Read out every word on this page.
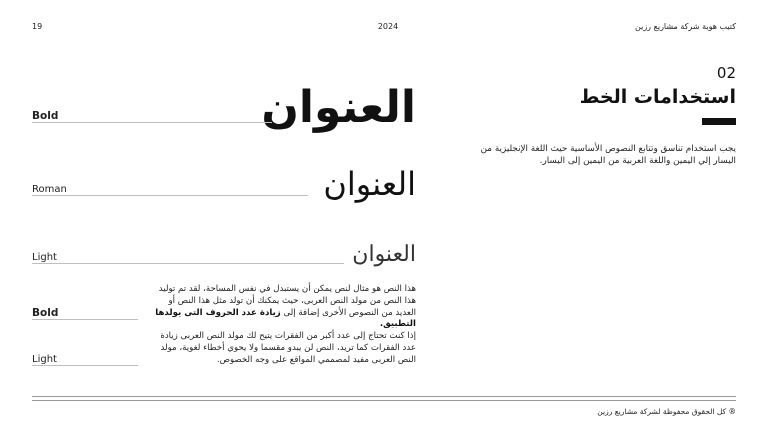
19	2024	كتيب هوية شركة مشاريع رزين
02
استخدامات الخط
يجب استخدام تناسق وتتابع النصوص الأساسية حيث اللغة الإنجليزية من اليسار إلي اليمين واللغة العربية من اليمين إلى اليسار.
العنوان
Bold
العنوان
Roman
العنوان
Light
Bold
Light
هذا النص هو مثال لنص يمكن أن يستبدل في نفس المساحة، لقد تم توليد هذا النص من مولد النص العربى، حيث يمكنك أن تولد مثل هذا النص أو العديد من النصوص الأخرى إضافة إلى زيادة عدد الحروف التى يولدها التطبيق.
إذا كنت تحتاج إلى عدد أكبر من الفقرات يتيح لك مولد النص العربى زيادة عدد الفقرات كما تريد، النص لن يبدو مقسما ولا يحوي أخطاء لغوية، مولد النص العربى مفيد لمصممي المواقع على وجه الخصوص.
® كل الحقوق محفوظة لشركة مشاريع رزين
